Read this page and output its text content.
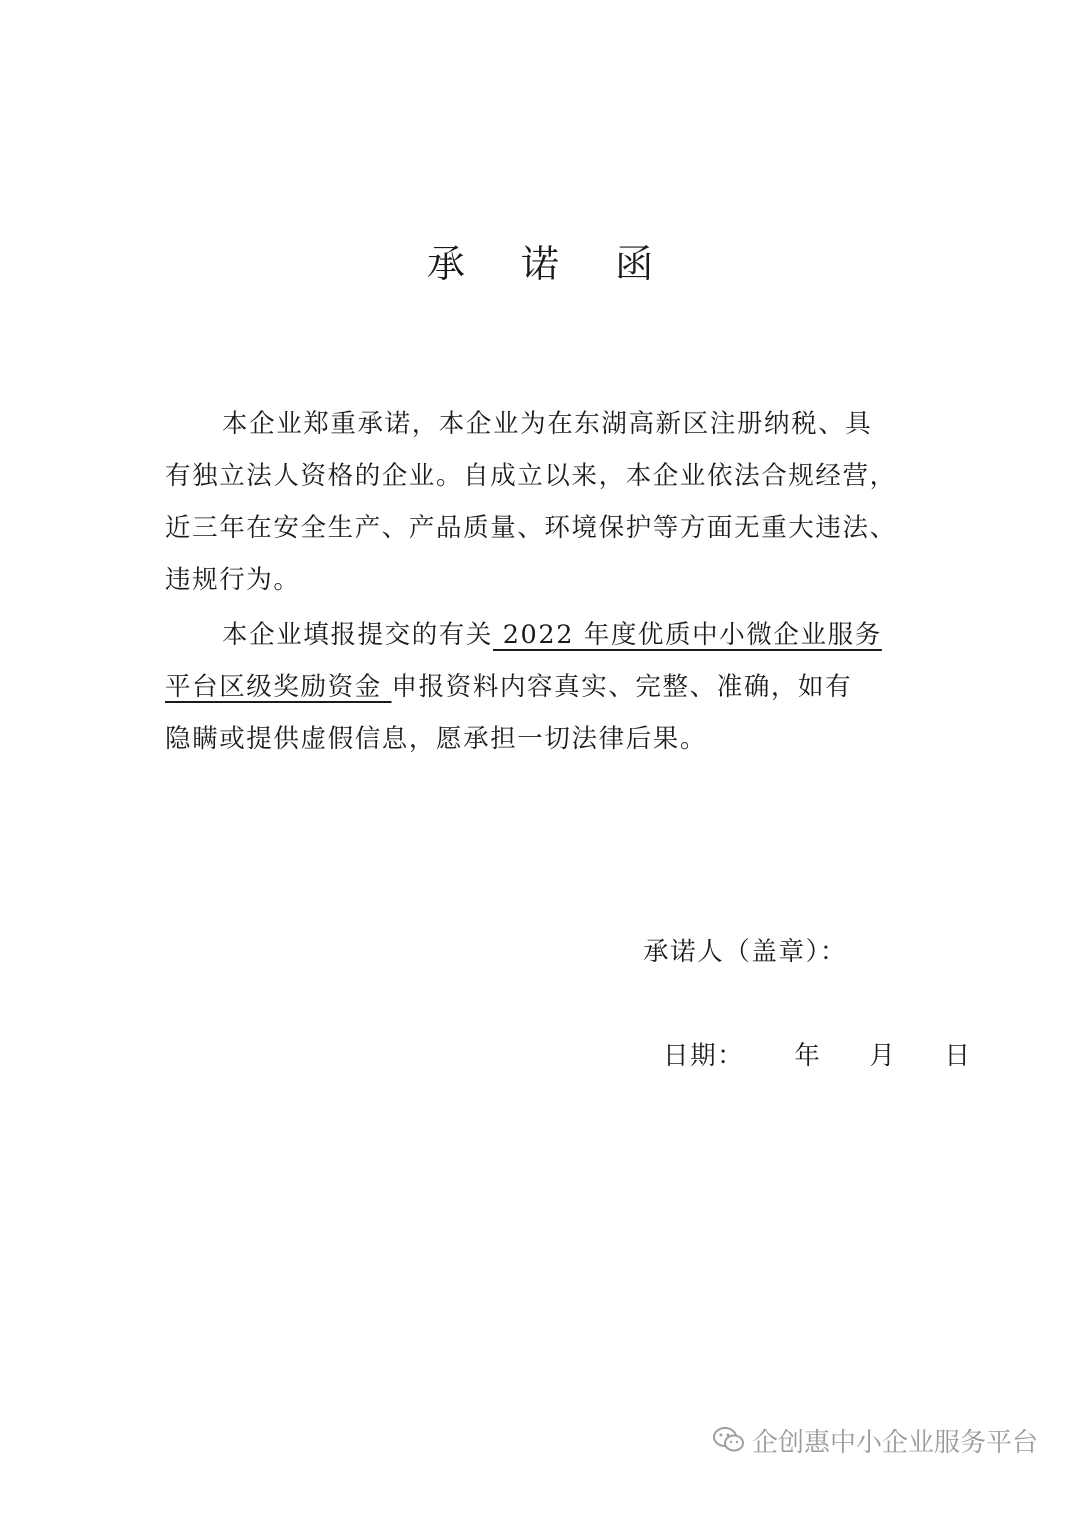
承 诺 函
本企业郑重承诺，本企业为在东湖高新区注册纳税、具
有独立法人资格的企业。自成立以来，本企业依法合规经营，
近三年在安全生产、产品质量、环境保护等方面无重大违法、
违规行为。
本企业填报提交的有关 2022 年度优质中小微企业服务
平台区级奖励资金 申报资料内容真实、完整、准确，如有
隐瞒或提供虚假信息，愿承担一切法律后果。
承诺人（盖章）：
日期： 年 月 日
企创惠中小企业服务平台
